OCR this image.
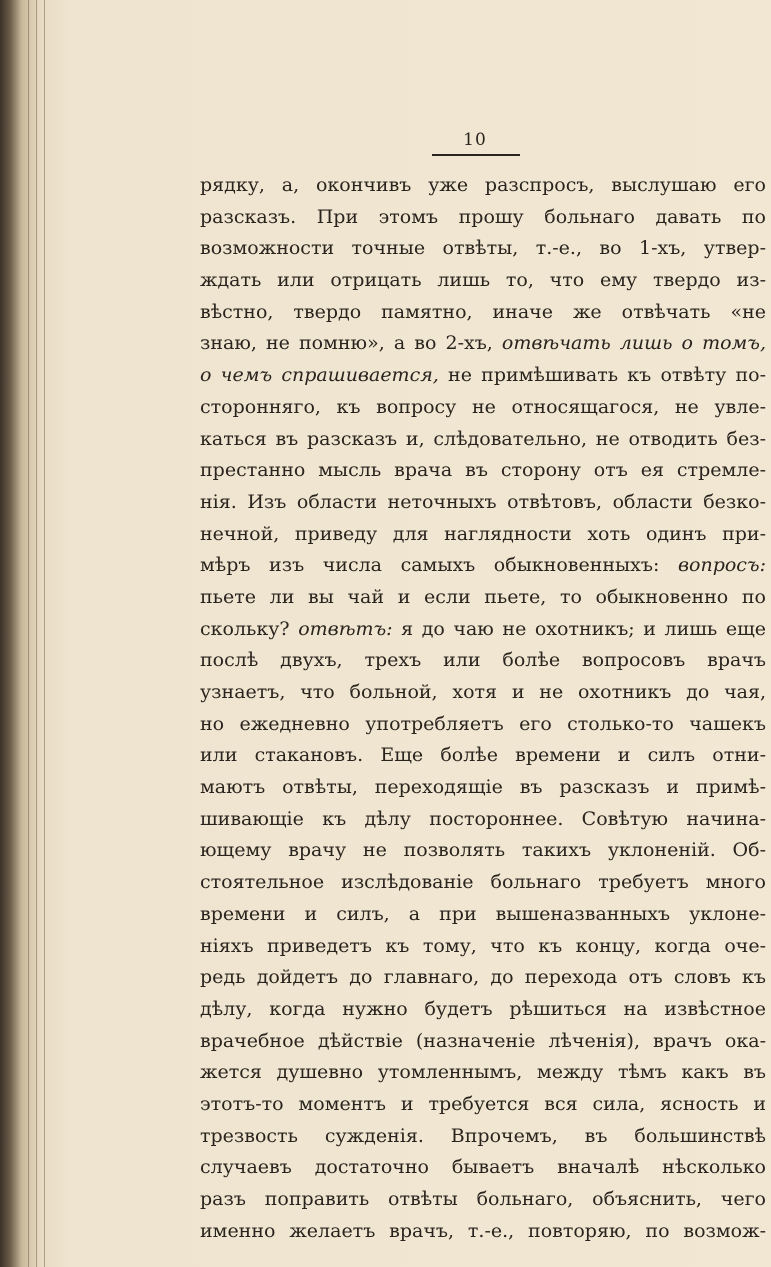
10
рядку, а, окончивъ уже разспросъ, выслушаю его
разсказъ. При этомъ прошу больнаго давать по
возможности точные отвѣты, т.-е., во 1-хъ, утвер-
ждать или отрицать лишь то, что ему твердо из-
вѣстно, твердо памятно, иначе же отвѣчать «не
знаю, не помню», а во 2-хъ, отвѣчать лишь о томъ,
о чемъ спрашивается, не примѣшивать къ отвѣту по-
сторонняго, къ вопросу не относящагося, не увле-
каться въ разсказъ и, слѣдовательно, не отводить без-
престанно мысль врача въ сторону отъ ея стремле-
нія. Изъ области неточныхъ отвѣтовъ, области безко-
нечной, приведу для наглядности хоть одинъ при-
мѣръ изъ числа самыхъ обыкновенныхъ: вопросъ:
пьете ли вы чай и если пьете, то обыкновенно по
скольку? отвѣтъ: я до чаю не охотникъ; и лишь еще
послѣ двухъ, трехъ или болѣе вопросовъ врачъ
узнаетъ, что больной, хотя и не охотникъ до чая,
но ежедневно употребляетъ его столько-то чашекъ
или стакановъ. Еще болѣе времени и силъ отни-
маютъ отвѣты, переходящіе въ разсказъ и примѣ-
шивающіе къ дѣлу постороннее. Совѣтую начина-
ющему врачу не позволять такихъ уклоненій. Об-
стоятельное изслѣдованіе больнаго требуетъ много
времени и силъ, а при вышеназванныхъ уклоне-
ніяхъ приведетъ къ тому, что къ концу, когда оче-
редь дойдетъ до главнаго, до перехода отъ словъ къ
дѣлу, когда нужно будетъ рѣшиться на извѣстное
врачебное дѣйствіе (назначеніе лѣченія), врачъ ока-
жется душевно утомленнымъ, между тѣмъ какъ въ
этотъ-то моментъ и требуется вся сила, ясность и
трезвость сужденія. Впрочемъ, въ большинствѣ
случаевъ достаточно бываетъ вначалѣ нѣсколько
разъ поправить отвѣты больнаго, объяснить, чего
именно желаетъ врачъ, т.-е., повторяю, по возмож-
